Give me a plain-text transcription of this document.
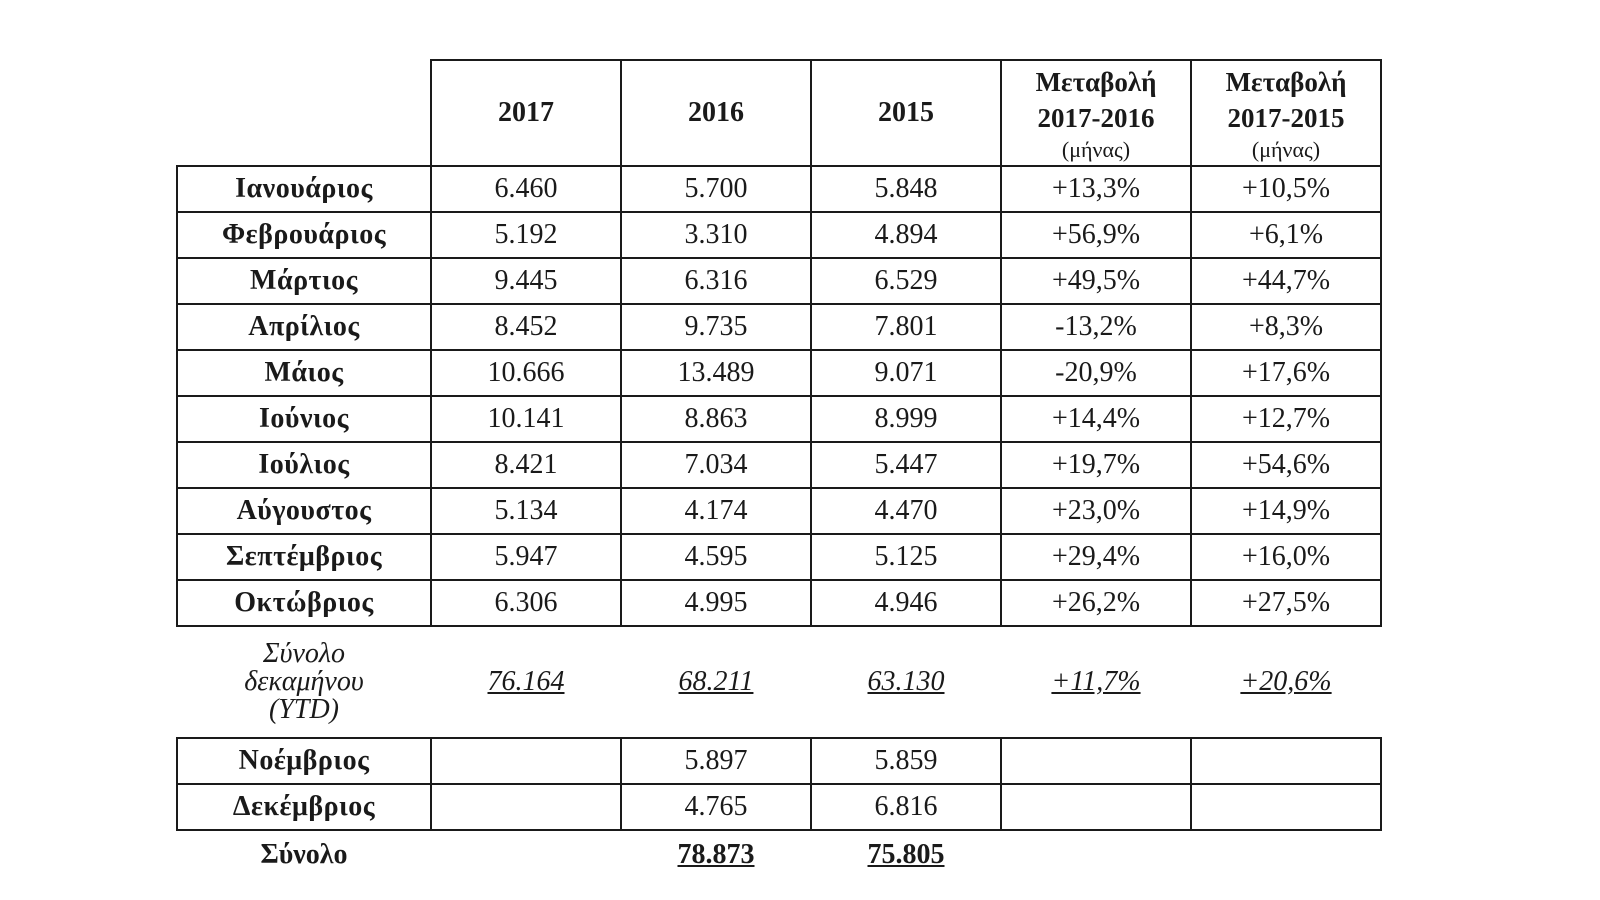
	2017	2016	2015	Μεταβολή
2017-2016
(μήνας)	Μεταβολή
2017-2015
(μήνας)

Ιανουάριος	6.460	5.700	5.848	+13,3%	+10,5%
Φεβρουάριος	5.192	3.310	4.894	+56,9%	+6,1%
Μάρτιος	9.445	6.316	6.529	+49,5%	+44,7%
Απρίλιος	8.452	9.735	7.801	-13,2%	+8,3%
Μάιος	10.666	13.489	9.071	-20,9%	+17,6%
Ιούνιος	10.141	8.863	8.999	+14,4%	+12,7%
Ιούλιος	8.421	7.034	5.447	+19,7%	+54,6%
Αύγουστος	5.134	4.174	4.470	+23,0%	+14,9%
Σεπτέμβριος	5.947	4.595	5.125	+29,4%	+16,0%
Οκτώβριος	6.306	4.995	4.946	+26,2%	+27,5%

Σύνολο
δεκαμήνου
(YTD)	76.164	68.211	63.130	+11,7%	+20,6%
Νοέμβριος		5.897	5.859		
Δεκέμβριος		4.765	6.816		
Σύνολο		78.873	75.805		
